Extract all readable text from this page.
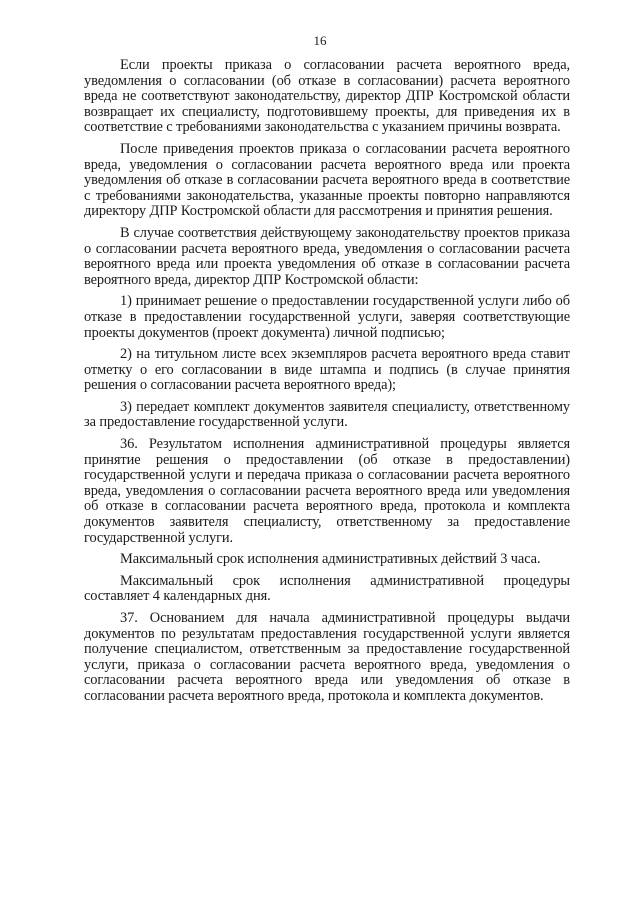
16

Если проекты приказа о согласовании расчета вероятного вреда, уведомления о согласовании (об отказе в согласовании) расчета вероятного вреда не соответствуют законодательству, директор ДПР Костромской области возвращает их специалисту, подготовившему проекты, для приведения их в соответствие с требованиями законодательства с указанием причины возврата.

После приведения проектов приказа о согласовании расчета вероятного вреда, уведомления о согласовании расчета вероятного вреда или проекта уведомления об отказе в согласовании расчета вероятного вреда в соответствие с требованиями законодательства, указанные проекты повторно направляются директору ДПР Костромской области для рассмотрения и принятия решения.

В случае соответствия действующему законодательству проектов приказа о согласовании расчета вероятного вреда, уведомления о согласовании расчета вероятного вреда или проекта уведомления об отказе в согласовании расчета вероятного вреда, директор ДПР Костромской области:

1) принимает решение о предоставлении государственной услуги либо об отказе в предоставлении государственной услуги, заверяя соответствующие проекты документов (проект документа) личной подписью;

2) на титульном листе всех экземпляров расчета вероятного вреда ставит отметку о его согласовании в виде штампа и подпись (в случае принятия решения о согласовании расчета вероятного вреда);

3) передает комплект документов заявителя специалисту, ответственному за предоставление государственной услуги.

36. Результатом исполнения административной процедуры является принятие решения о предоставлении (об отказе в предоставлении) государственной услуги и передача приказа о согласовании расчета вероятного вреда, уведомления о согласовании расчета вероятного вреда или уведомления об отказе в согласовании расчета вероятного вреда, протокола и комплекта документов заявителя специалисту, ответственному за предоставление государственной услуги.

Максимальный срок исполнения административных действий 3 часа.

Максимальный срок исполнения административной процедуры составляет 4 календарных дня.

37. Основанием для начала административной процедуры выдачи документов по результатам предоставления государственной услуги является получение специалистом, ответственным за предоставление государственной услуги, приказа о согласовании расчета вероятного вреда, уведомления о согласовании расчета вероятного вреда или уведомления об отказе в согласовании расчета вероятного вреда, протокола и комплекта документов.
